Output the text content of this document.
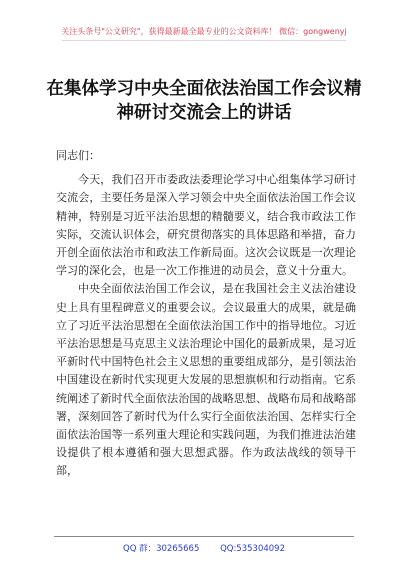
关注头条号"公文研究"，获得最新最全最专业的公文资料库！ 微信：gongwenyj
在集体学习中央全面依法治国工作会议精神研讨交流会上的讲话

同志们：

今天，我们召开市委政法委理论学习中心组集体学习研讨交流会，主要任务是深入学习领会中央全面依法治国工作会议精神，特别是习近平法治思想的精髓要义，结合我市政法工作实际，交流认识体会，研究贯彻落实的具体思路和举措，奋力开创全面依法治市和政法工作新局面。这次会议既是一次理论学习的深化会，也是一次工作推进的动员会，意义十分重大。

中央全面依法治国工作会议，是在我国社会主义法治建设史上具有里程碑意义的重要会议。会议最重大的成果，就是确立了习近平法治思想在全面依法治国工作中的指导地位。习近平法治思想是马克思主义法治理论中国化的最新成果，是习近平新时代中国特色社会主义思想的重要组成部分，是引领法治中国建设在新时代实现更大发展的思想旗帜和行动指南。它系统阐述了新时代全面依法治国的战略思想、战略布局和战略部署，深刻回答了新时代为什么实行全面依法治国、怎样实行全面依法治国等一系列重大理论和实践问题，为我们推进法治建设提供了根本遵循和强大思想武器。作为政法战线的领导干部，

QQ 群：30265665 QQ:535304092
